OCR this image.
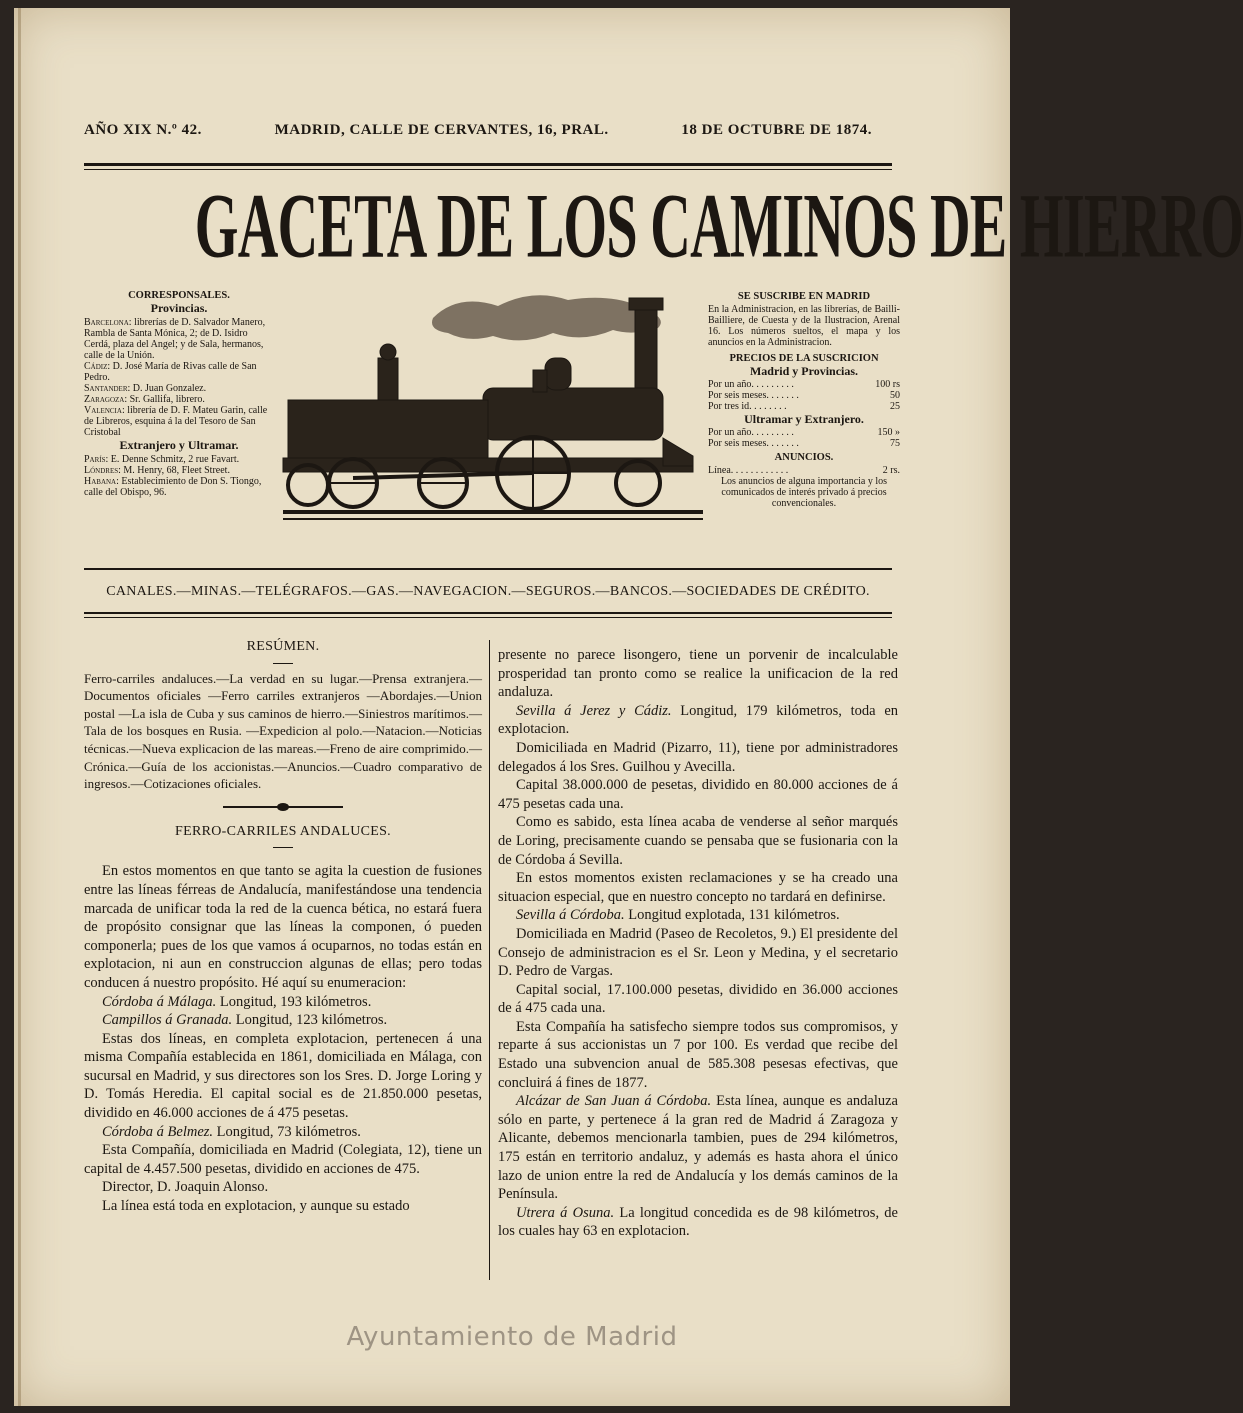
AÑO XIX N.º 42.	MADRID, CALLE DE CERVANTES, 16, PRAL.	18 DE OCTUBRE DE 1874.
GACETA DE LOS CAMINOS DE HIERRO
CORRESPONSALES.
Provincias.

Barcelona: librerías de D. Salvador Manero, Rambla de Santa Mónica, 2; de D. Isidro Cerdá, plaza del Angel; y de Sala, hermanos, calle de la Unión.

Cádiz: D. José María de Rivas calle de San Pedro.

Santander: D. Juan Gonzalez.

Zaragoza: Sr. Gallifa, librero.

Valencia: librería de D. F. Mateu Garin, calle de Libreros, esquina á la del Tesoro de San Cristobal

Extranjero y Ultramar.

París: E. Denne Schmitz, 2 rue Favart.

Lóndres: M. Henry, 68, Fleet Street.

Habana: Establecimiento de Don S. Tiongo, calle del Obispo, 96.

SE SUSCRIBE EN MADRID

En la Administracion, en las librerías, de Bailli-Bailliere, de Cuesta y de la Ilustracion, Arenal 16. Los números sueltos, el mapa y los anuncios en la Administracion.

PRECIOS DE LA SUSCRICION
Madrid y Provincias.
Por un año. . . . . . . . .	100 rs
Por seis meses. . . . . . .	50
Por tres id. . . . . . . .	25
Ultramar y Extranjero.
Por un año. . . . . . . . .	150 »
Por seis meses. . . . . . .	75
ANUNCIOS.
Línea. . . . . . . . . . . .	2 rs.

Los anuncios de alguna importancia y los comunicados de interés privado á precios convencionales.

CANALES.—MINAS.—TELÉGRAFOS.—GAS.—NAVEGACION.—SEGUROS.—BANCOS.—SOCIEDADES DE CRÉDITO.

RESÚMEN.

Ferro-carriles andaluces.—La verdad en su lugar.—Prensa extranjera.—Documentos oficiales —Ferro carriles extranjeros —Abordajes.—Union postal —La isla de Cuba y sus caminos de hierro.—Siniestros marítimos.—Tala de los bosques en Rusia. —Expedicion al polo.—Natacion.—Noticias técnicas.—Nueva explicacion de las mareas.—Freno de aire comprimido.—Crónica.—Guía de los accionistas.—Anuncios.—Cuadro comparativo de ingresos.—Cotizaciones oficiales.

FERRO-CARRILES ANDALUCES.

En estos momentos en que tanto se agita la cuestion de fusiones entre las líneas férreas de Andalucía, manifestándose una tendencia marcada de unificar toda la red de la cuenca bética, no estará fuera de propósito consignar que las líneas la componen, ó pueden componerla; pues de los que vamos á ocuparnos, no todas están en explotacion, ni aun en construccion algunas de ellas; pero todas conducen á nuestro propósito. Hé aquí su enumeracion:

Córdoba á Málaga. Longitud, 193 kilómetros.

Campillos á Granada. Longitud, 123 kilómetros.

Estas dos líneas, en completa explotacion, pertenecen á una misma Compañía establecida en 1861, domiciliada en Málaga, con sucursal en Madrid, y sus directores son los Sres. D. Jorge Loring y D. Tomás Heredia. El capital social es de 21.850.000 pesetas, dividido en 46.000 acciones de á 475 pesetas.

Córdoba á Belmez. Longitud, 73 kilómetros.

Esta Compañía, domiciliada en Madrid (Colegiata, 12), tiene un capital de 4.457.500 pesetas, dividido en acciones de 475.

Director, D. Joaquin Alonso.

La línea está toda en explotacion, y aunque su estado

presente no parece lisongero, tiene un porvenir de incalculable prosperidad tan pronto como se realice la unificacion de la red andaluza.

Sevilla á Jerez y Cádiz. Longitud, 179 kilómetros, toda en explotacion.

Domiciliada en Madrid (Pizarro, 11), tiene por administradores delegados á los Sres. Guilhou y Avecilla.

Capital 38.000.000 de pesetas, dividido en 80.000 acciones de á 475 pesetas cada una.

Como es sabido, esta línea acaba de venderse al señor marqués de Loring, precisamente cuando se pensaba que se fusionaria con la de Córdoba á Sevilla.

En estos momentos existen reclamaciones y se ha creado una situacion especial, que en nuestro concepto no tardará en definirse.

Sevilla á Córdoba. Longitud explotada, 131 kilómetros.

Domiciliada en Madrid (Paseo de Recoletos, 9.) El presidente del Consejo de administracion es el Sr. Leon y Medina, y el secretario D. Pedro de Vargas.

Capital social, 17.100.000 pesetas, dividido en 36.000 acciones de á 475 cada una.

Esta Compañía ha satisfecho siempre todos sus compromisos, y reparte á sus accionistas un 7 por 100. Es verdad que recibe del Estado una subvencion anual de 585.308 pesesas efectivas, que concluirá á fines de 1877.

Alcázar de San Juan á Córdoba. Esta línea, aunque es andaluza sólo en parte, y pertenece á la gran red de Madrid á Zaragoza y Alicante, debemos mencionarla tambien, pues de 294 kilómetros, 175 están en territorio andaluz, y además es hasta ahora el único lazo de union entre la red de Andalucía y los demás caminos de la Península.

Utrera á Osuna. La longitud concedida es de 98 kilómetros, de los cuales hay 63 en explotacion.

Ayuntamiento de Madrid
